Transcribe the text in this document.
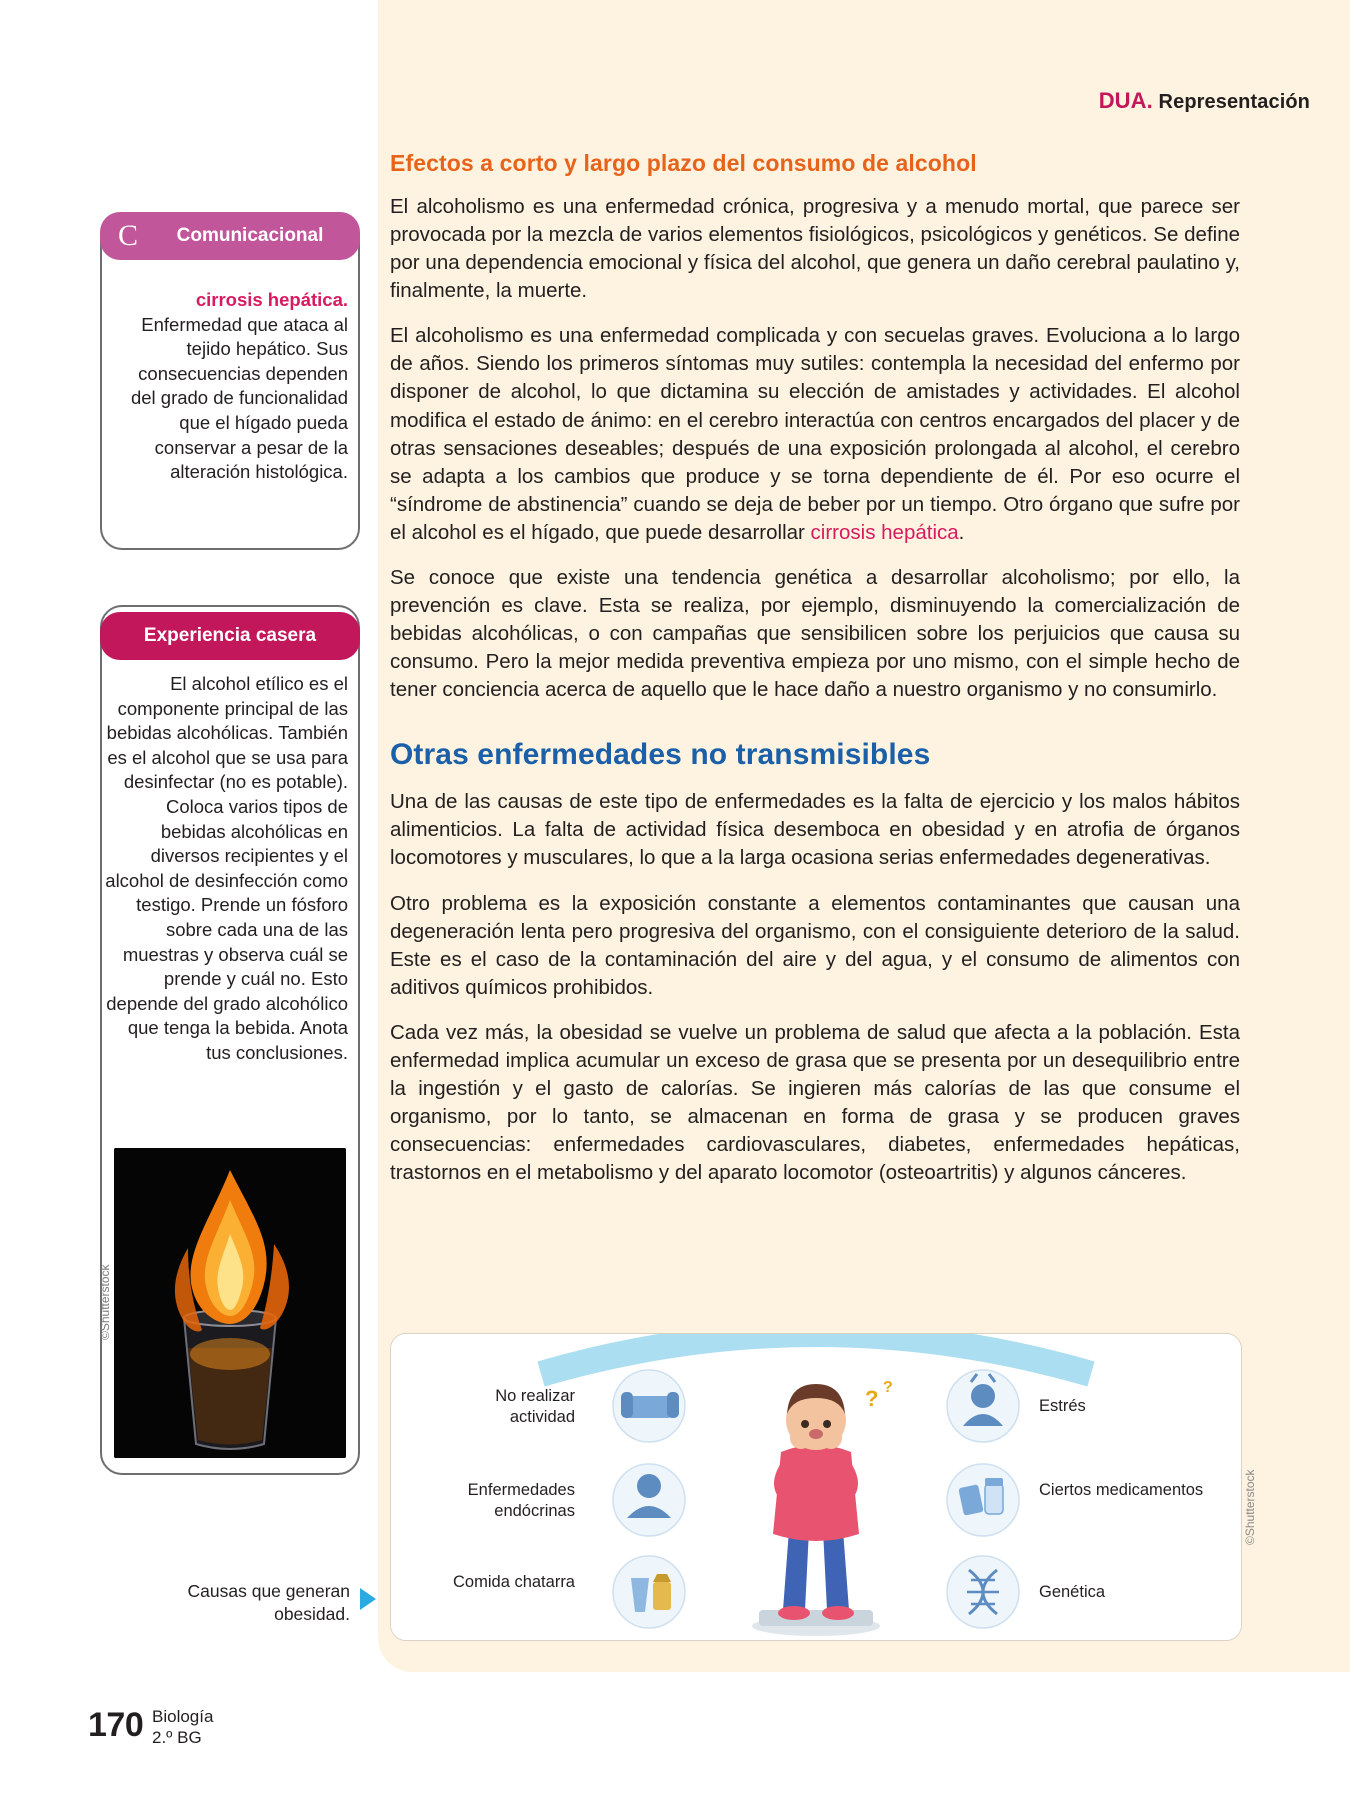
DUA. Representación
Efectos a corto y largo plazo del consumo de alcohol

El alcoholismo es una enfermedad crónica, progresiva y a menudo mortal, que parece ser provocada por la mezcla de varios elementos fisiológicos, psicológicos y genéticos. Se define por una dependencia emocional y física del alcohol, que genera un daño cerebral paulatino y, finalmente, la muerte.

El alcoholismo es una enfermedad complicada y con secuelas graves. Evoluciona a lo largo de años. Siendo los primeros síntomas muy sutiles: contempla la necesidad del enfermo por disponer de alcohol, lo que dictamina su elección de amistades y actividades. El alcohol modifica el estado de ánimo: en el cerebro interactúa con centros encargados del placer y de otras sensaciones deseables; después de una exposición prolongada al alcohol, el cerebro se adapta a los cambios que produce y se torna dependiente de él. Por eso ocurre el “síndrome de abstinencia” cuando se deja de beber por un tiempo. Otro órgano que sufre por el alcohol es el hígado, que puede desarrollar cirrosis hepática.

Se conoce que existe una tendencia genética a desarrollar alcoholismo; por ello, la prevención es clave. Esta se realiza, por ejemplo, disminuyendo la comercialización de bebidas alcohólicas, o con campañas que sensibilicen sobre los perjuicios que causa su consumo. Pero la mejor medida preventiva empieza por uno mismo, con el simple hecho de tener conciencia acerca de aquello que le hace daño a nuestro organismo y no consumirlo.

Otras enfermedades no transmisibles

Una de las causas de este tipo de enfermedades es la falta de ejercicio y los malos hábitos alimenticios. La falta de actividad física desemboca en obesidad y en atrofia de órganos locomotores y musculares, lo que a la larga ocasiona serias enfermedades degenerativas.

Otro problema es la exposición constante a elementos contaminantes que causan una degeneración lenta pero progresiva del organismo, con el consiguiente deterioro de la salud. Este es el caso de la contaminación del aire y del agua, y el consumo de alimentos con aditivos químicos prohibidos.

Cada vez más, la obesidad se vuelve un problema de salud que afecta a la población. Esta enfermedad implica acumular un exceso de grasa que se presenta por un desequilibrio entre la ingestión y el gasto de calorías. Se ingieren más calorías de las que consume el organismo, por lo tanto, se almacenan en forma de grasa y se producen graves consecuencias: enfermedades cardiovasculares, diabetes, enfermedades hepáticas, trastornos en el metabolismo y del aparato locomotor (osteoartritis) y algunos cánceres.

Comunicacional
C
cirrosis hepática. Enfermedad que ataca al tejido hepático. Sus consecuencias dependen del grado de funcionalidad que el hígado pueda conservar a pesar de la alteración histológica.
Experiencia casera
El alcohol etílico es el componente principal de las bebidas alcohólicas. También es el alcohol que se usa para desinfectar (no es potable). Coloca varios tipos de bebidas alcohólicas en diversos recipientes y el alcohol de desinfección como testigo. Prende un fósforo sobre cada una de las muestras y observa cuál se prende y cuál no. Esto depende del grado alcohólico que tenga la bebida. Anota tus conclusiones.
©Shutterstock
Causas que generan obesidad.
? ?
No realizar actividad
Enfermedades endócrinas
Comida chatarra
Estrés
Ciertos medicamentos
Genética
©Shutterstock
170 Biología
2.º BG
